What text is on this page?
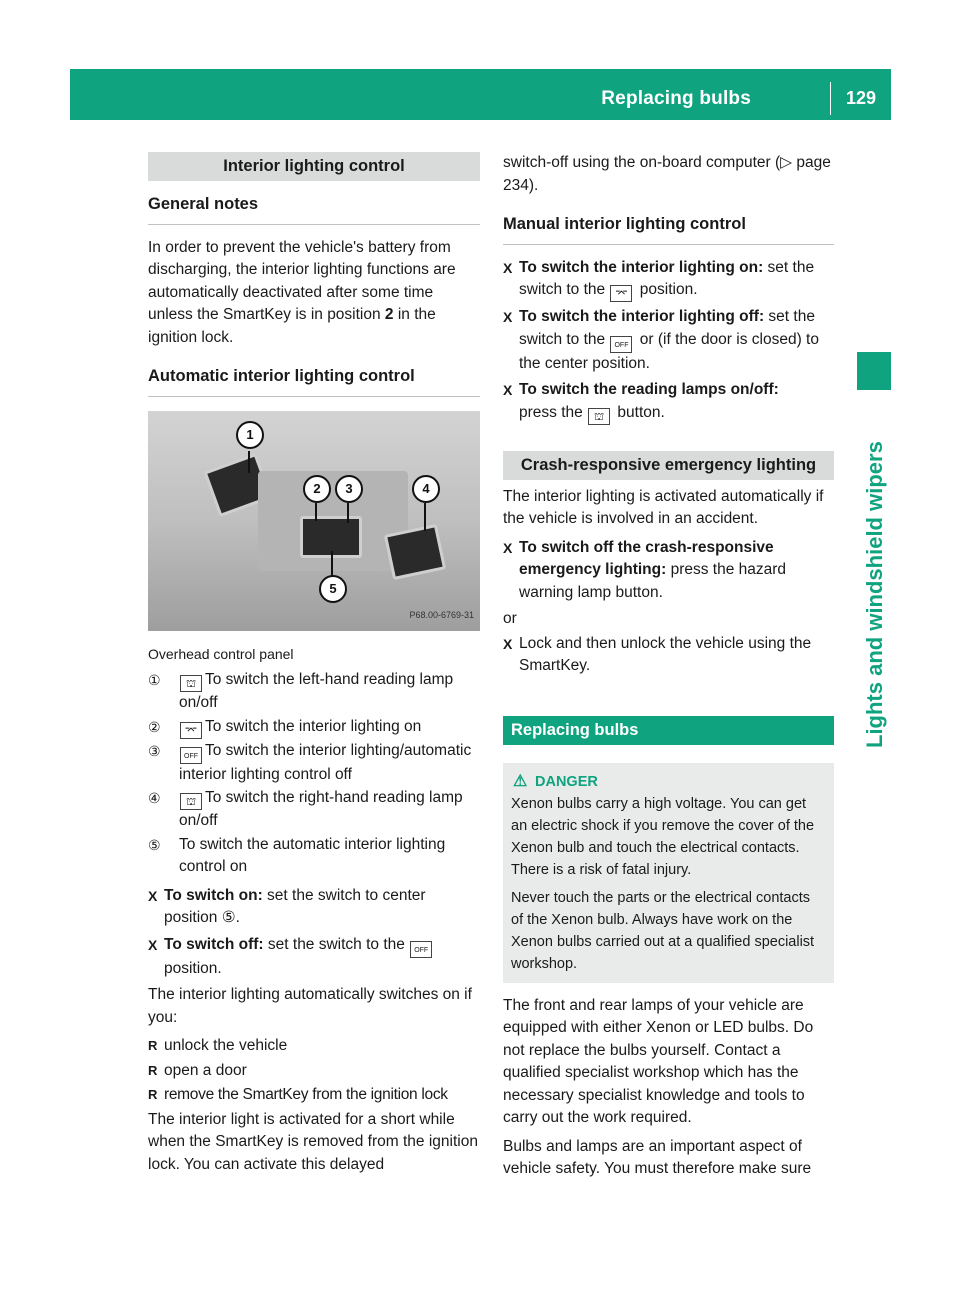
Replacing bulbs	129
Lights and windshield wipers
Interior lighting control
General notes

In order to prevent the vehicle's battery from discharging, the interior lighting functions are automatically deactivated after some time unless the SmartKey is in position 2 in the ignition lock.

Automatic interior lighting control
1
2	3	4
5
P68.00-6769-31
Overhead control panel
① ⛫ To switch the left-hand reading lamp on/off
② ⌤ To switch the interior lighting on
③	OFF To switch the interior lighting/automatic interior lighting control off
④ ⛫ To switch the right-hand reading lamp on/off
⑤ To switch the automatic interior lighting control on
X To switch on: set the switch to center position ⑤.
X To switch off: set the switch to the OFF position.

The interior lighting automatically switches on if you:

R unlock the vehicle
R open a door
R remove the SmartKey from the ignition lock

The interior light is activated for a short while when the SmartKey is removed from the ignition lock. You can activate this delayed

switch-off using the on-board computer (▷ page 234).

Manual interior lighting control
X To switch the interior lighting on: set the switch to the ⌤ position.
X To switch the interior lighting off: set the switch to the OFF or (if the door is closed) to the center position.
X To switch the reading lamps on/off:
press the ⛫ button.
Crash-responsive emergency lighting

The interior lighting is activated automatically if the vehicle is involved in an accident.

X To switch off the crash-responsive emergency lighting: press the hazard warning lamp button.

or

X Lock and then unlock the vehicle using the SmartKey.
Replacing bulbs
⚠ DANGER

Xenon bulbs carry a high voltage. You can get an electric shock if you remove the cover of the Xenon bulb and touch the electrical contacts. There is a risk of fatal injury.

Never touch the parts or the electrical contacts of the Xenon bulb. Always have work on the Xenon bulbs carried out at a qualified specialist workshop.

The front and rear lamps of your vehicle are equipped with either Xenon or LED bulbs. Do not replace the bulbs yourself. Contact a qualified specialist workshop which has the necessary specialist knowledge and tools to carry out the work required.

Bulbs and lamps are an important aspect of vehicle safety. You must therefore make sure
